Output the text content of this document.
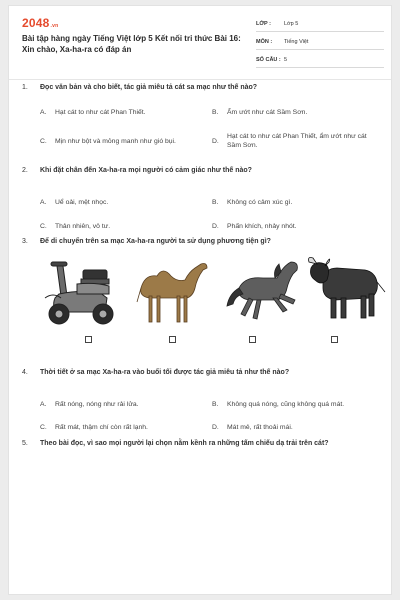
2048.vn
Bài tập hàng ngày Tiếng Việt lớp 5 Kết nối tri thức Bài 16: Xin chào, Xa-ha-ra có đáp án
LỚP :	Lớp 5
MÔN :	Tiếng Việt
SỐ CÂU : 5
1.	Đọc văn bản và cho biết, tác giả miêu tả cát sa mạc như thế nào?
A.	Hạt cát to như cát Phan Thiết.	B.	Ẩm ướt như cát Sầm Sơn.
C.	Mịn như bột và mỏng manh như gió bụi.	D.
Hạt cát to như cát Phan Thiết, ẩm ướt như cát Sầm Sơn.
2.	Khi đặt chân đến Xa-ha-ra mọi người có cảm giác như thế nào?
A.	Uể oải, mệt nhọc.	B.	Không có cảm xúc gì.
C.	Thản nhiên, vô tư.	D.	Phấn khích, nhảy nhót.
3.	Để di chuyển trên sa mạc Xa-ha-ra người ta sử dụng phương tiện gì?
4.	Thời tiết ở sa mạc Xa-ha-ra vào buổi tối được tác giả miêu tả như thế nào?
A.	Rất nóng, nóng như rải lửa.	B.	Không quá nóng, cũng không quá mát.
C.	Rất mát, thậm chí còn rất lạnh.	D.	Mát mẻ, rất thoải mái.
5.	Theo bài đọc, vì sao mọi người lại chọn nằm kềnh ra những tấm chiếu dạ trải trên cát?
